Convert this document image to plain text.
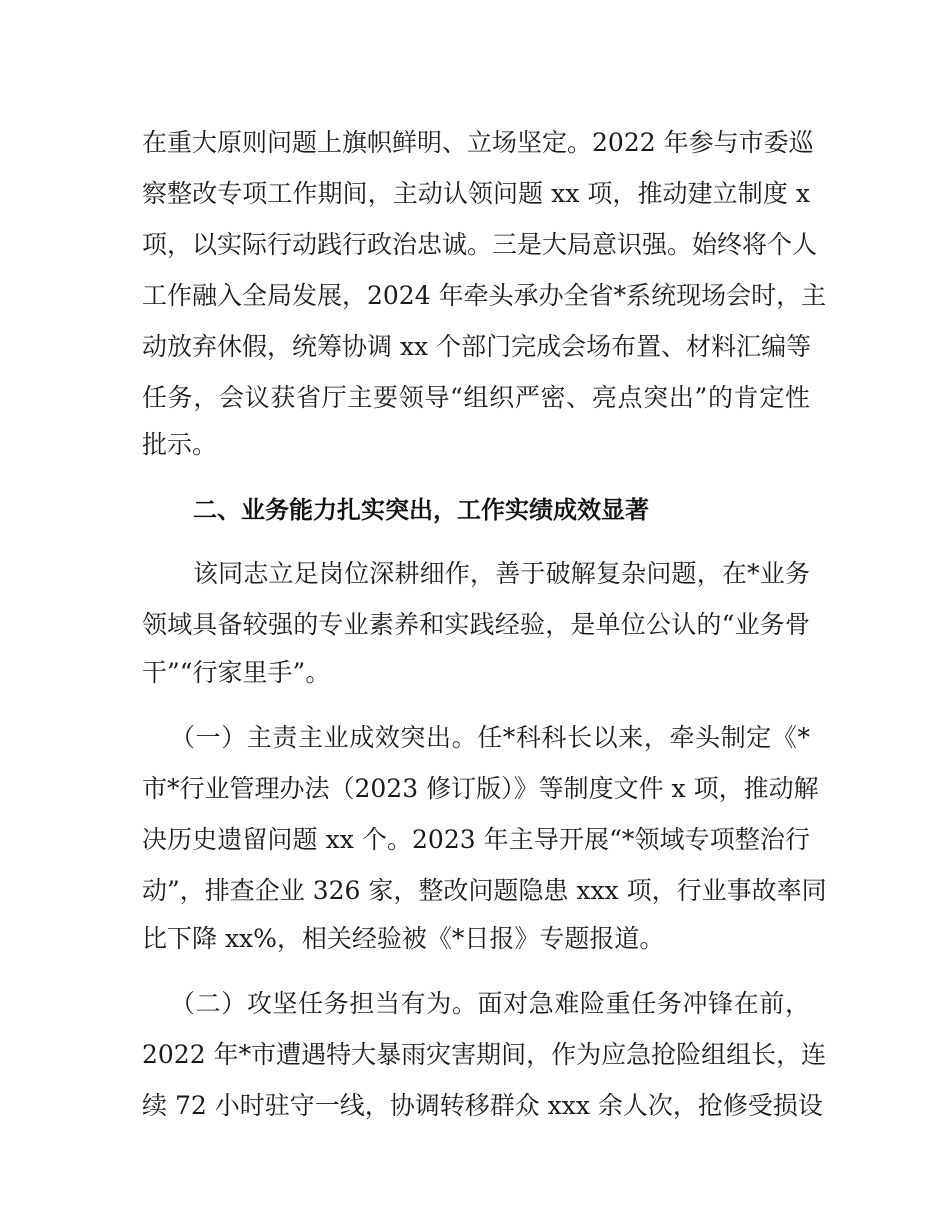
在重大原则问题上旗帜鲜明、立场坚定。2022 年参与市委巡
察整改专项工作期间，主动认领问题 xx 项，推动建立制度 x
项，以实际行动践行政治忠诚。三是大局意识强。始终将个人
工作融入全局发展，2024 年牵头承办全省*系统现场会时，主
动放弃休假，统筹协调 xx 个部门完成会场布置、材料汇编等
任务，会议获省厅主要领导“组织严密、亮点突出”的肯定性
批示。
二、业务能力扎实突出，工作实绩成效显著
该同志立足岗位深耕细作，善于破解复杂问题，在*业务
领域具备较强的专业素养和实践经验，是单位公认的“业务骨
干”“行家里手”。
（一）主责主业成效突出。任*科科长以来，牵头制定《*
市*行业管理办法（2023 修订版）》等制度文件 x 项，推动解
决历史遗留问题 xx 个。2023 年主导开展“*领域专项整治行
动”，排查企业 326 家，整改问题隐患 xxx 项，行业事故率同
比下降 xx%，相关经验被《*日报》专题报道。
（二）攻坚任务担当有为。面对急难险重任务冲锋在前，
2022 年*市遭遇特大暴雨灾害期间，作为应急抢险组组长，连
续 72 小时驻守一线，协调转移群众 xxx 余人次，抢修受损设
